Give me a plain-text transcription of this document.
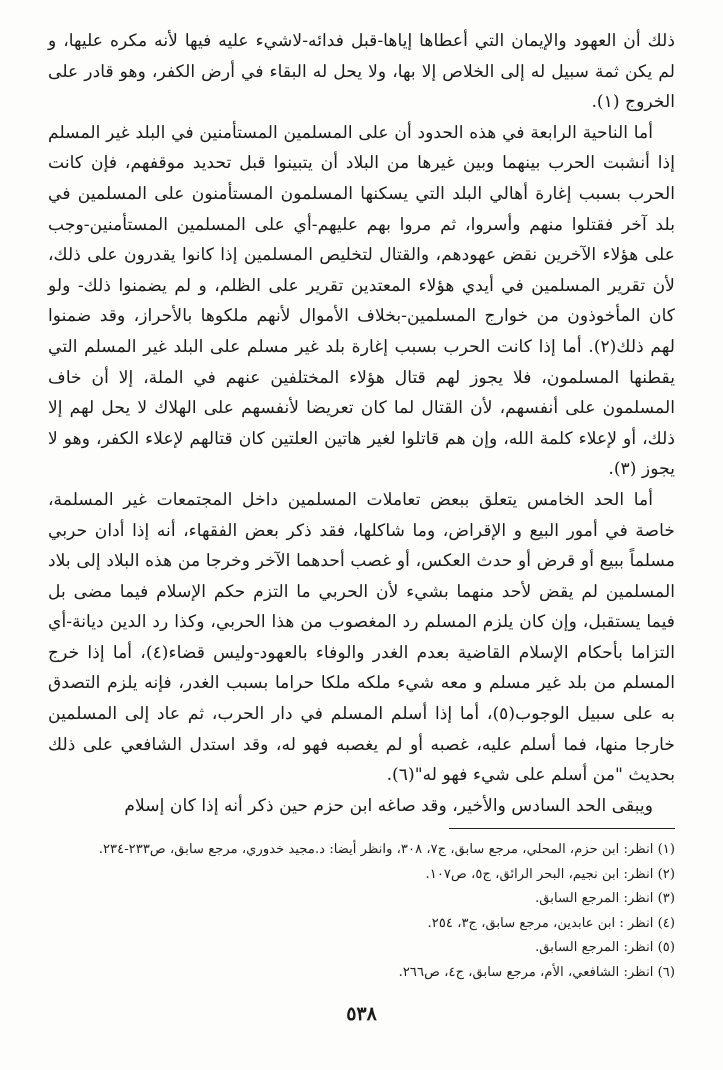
ذلك أن العهود والإيمان التي أعطاها إياها-قبل فدائه-لاشيء عليه فيها لأنه مكره عليها، و لم يكن ثمة سبيل له إلى الخلاص إلا بها، ولا يحل له البقاء في أرض الكفر، وهو قادر على الخروج (١).

أما الناحية الرابعة في هذه الحدود أن على المسلمين المستأمنين في البلد غير المسلم إذا أنشبت الحرب بينهما وبين غيرها من البلاد أن يتبينوا قبل تحديد موقفهم، فإن كانت الحرب بسبب إغارة أهالي البلد التي يسكنها المسلمون المستأمنون على المسلمين في بلد آخر فقتلوا منهم وأسروا، ثم مروا بهم عليهم-أي على المسلمين المستأمنين-وجب على هؤلاء الآخرين نقض عهودهم، والقتال لتخليص المسلمين إذا كانوا يقدرون على ذلك، لأن تقرير المسلمين في أيدي هؤلاء المعتدين تقرير على الظلم، و لم يضمنوا ذلك- ولو كان المأخوذون من خوارج المسلمين-بخلاف الأموال لأنهم ملكوها بالأحراز، وقد ضمنوا لهم ذلك(٢). أما إذا كانت الحرب بسبب إغارة بلد غير مسلم على البلد غير المسلم التي يقطنها المسلمون، فلا يجوز لهم قتال هؤلاء المختلفين عنهم في الملة، إلا أن خاف المسلمون على أنفسهم، لأن القتال لما كان تعريضا لأنفسهم على الهلاك لا يحل لهم إلا ذلك، أو لإعلاء كلمة الله، وإن هم قاتلوا لغير هاتين العلتين كان قتالهم لإعلاء الكفر، وهو لا يجوز (٣).

أما الحد الخامس يتعلق ببعض تعاملات المسلمين داخل المجتمعات غير المسلمة، خاصة في أمور البيع و الإقراض، وما شاكلها، فقد ذكر بعض الفقهاء، أنه إذا أدان حربي مسلماً ببيع أو قرض أو حدث العكس، أو غصب أحدهما الآخر وخرجا من هذه البلاد إلى بلاد المسلمين لم يقض لأحد منهما بشيء لأن الحربي ما التزم حكم الإسلام فيما مضى بل فيما يستقبل، وإن كان يلزم المسلم رد المغصوب من هذا الحربي، وكذا رد الدين ديانة-أي التزاما بأحكام الإسلام القاضية بعدم الغدر والوفاء بالعهود-وليس قضاء(٤)، أما إذا خرج المسلم من بلد غير مسلم و معه شيء ملكه ملكا حراما بسبب الغدر، فإنه يلزم التصدق به على سبيل الوجوب(٥)، أما إذا أسلم المسلم في دار الحرب، ثم عاد إلى المسلمين خارجا منها، فما أسلم عليه، غصبه أو لم يغصبه فهو له، وقد استدل الشافعي على ذلك بحديث "من أسلم على شيء فهو له"(٦).

ويبقى الحد السادس والأخير، وقد صاغه ابن حزم حين ذكر أنه إذا كان إسلام

(١) انظر: ابن حزم، المحلي، مرجع سابق، ج٧، ٣٠٨، وانظر أيضا: د.مجيد خدوري، مرجع سابق، ص٢٣٣-٢٣٤.
(٢) انظر: ابن نجيم، البحر الرائق، ج٥، ص١٠٧.
(٣) انظر: المرجع السابق.
(٤) انظر : ابن عابدين، مرجع سابق، ج٣، ٢٥٤.
(٥) انظر: المرجع السابق.
(٦) انظر: الشافعي، الأم، مرجع سابق، ج٤، ص٢٦٦.
٥٣٨
